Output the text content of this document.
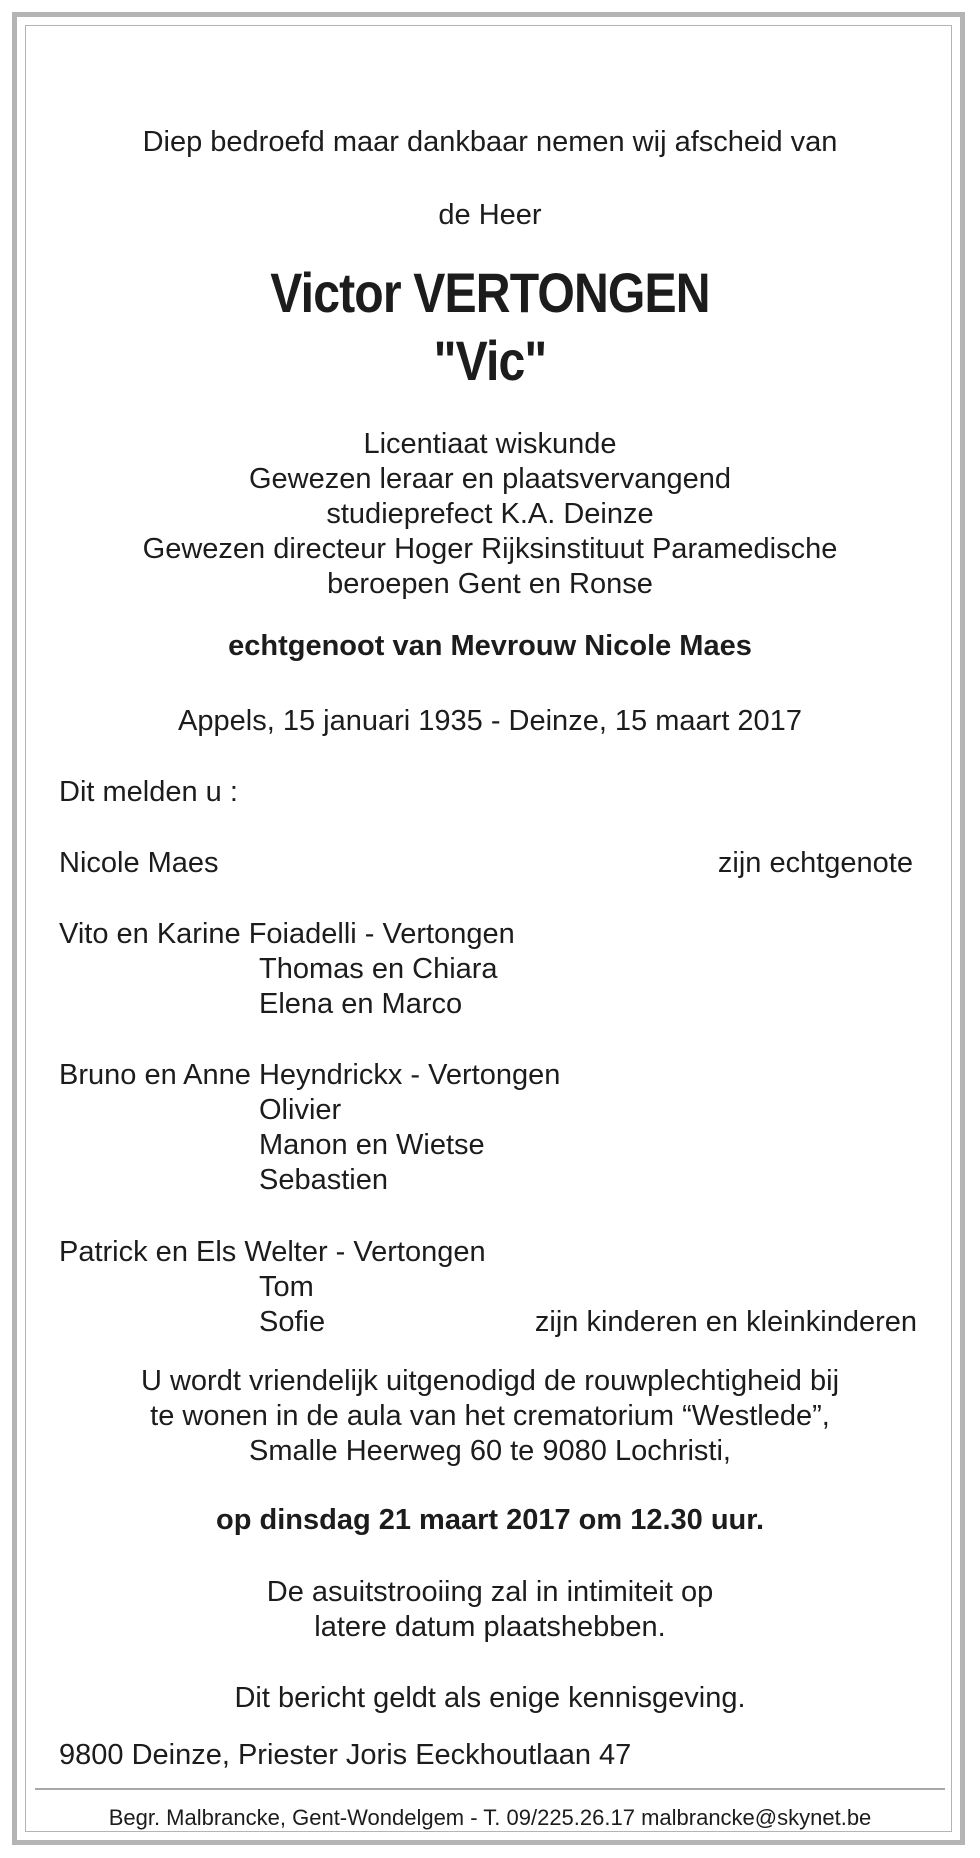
Diep bedroefd maar dankbaar nemen wij afscheid van
de Heer
Victor VERTONGEN
"Vic"
Licentiaat wiskunde
Gewezen leraar en plaatsvervangend
studieprefect K.A. Deinze
Gewezen directeur Hoger Rijksinstituut Paramedische
beroepen Gent en Ronse
echtgenoot van Mevrouw Nicole Maes
Appels, 15 januari 1935 - Deinze, 15 maart 2017
Dit melden u :
Nicole Maes	zijn echtgenote
Vito en Karine Foiadelli - Vertongen
Thomas en Chiara
Elena en Marco
Bruno en Anne Heyndrickx - Vertongen
Olivier
Manon en Wietse
Sebastien
Patrick en Els Welter - Vertongen
Tom
Sofie	zijn kinderen en kleinkinderen
U wordt vriendelijk uitgenodigd de rouwplechtigheid bij
te wonen in de aula van het crematorium “Westlede”,
Smalle Heerweg 60 te 9080 Lochristi,
op dinsdag 21 maart 2017 om 12.30 uur.
De asuitstrooiing zal in intimiteit op
latere datum plaatshebben.
Dit bericht geldt als enige kennisgeving.
9800 Deinze, Priester Joris Eeckhoutlaan 47
Begr. Malbrancke, Gent-Wondelgem - T. 09/225.26.17 malbrancke@skynet.be
